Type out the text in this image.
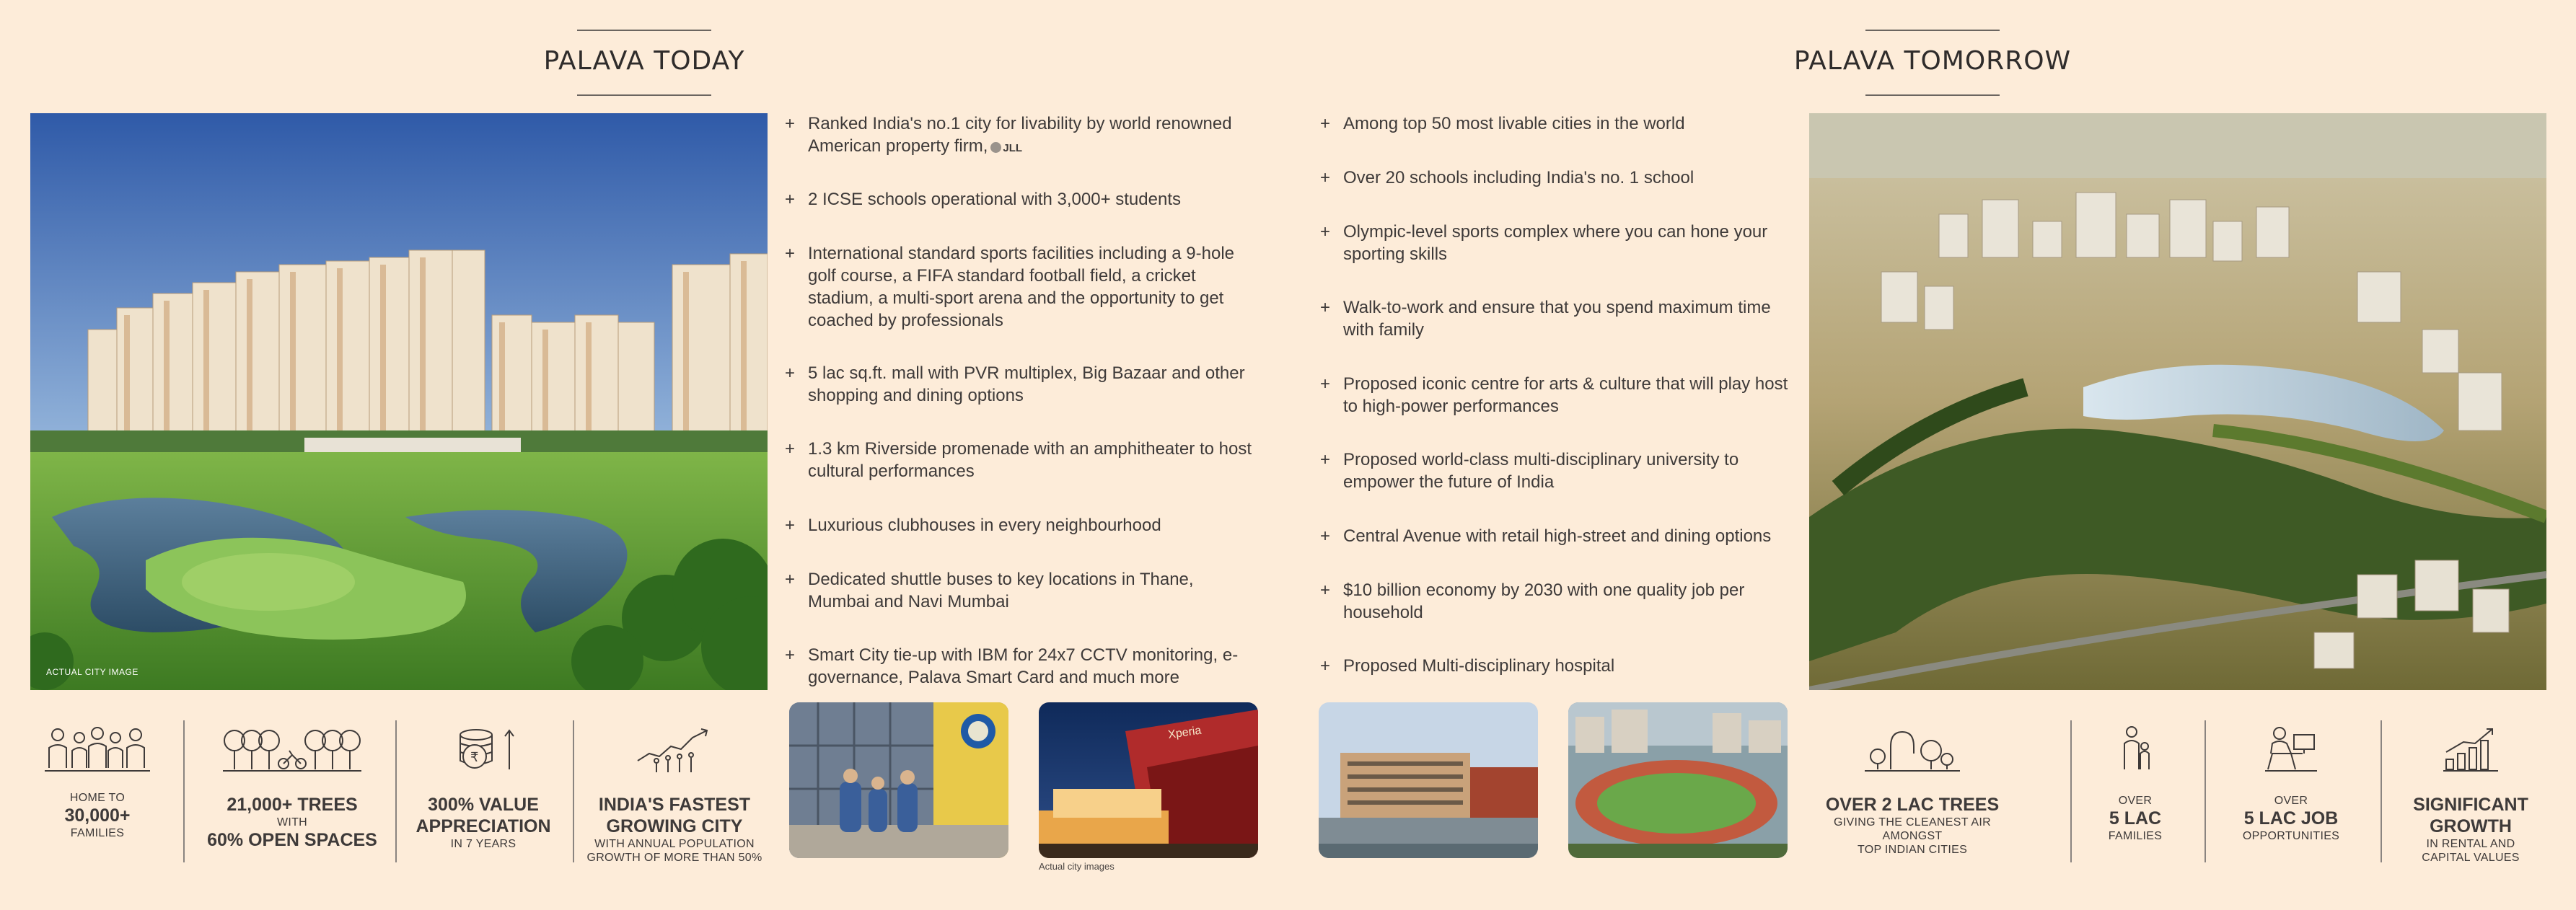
PALAVA TODAY
ACTUAL CITY IMAGE
+ Ranked India's no.1 city for livability by world renowned American property firm, JLL
+ 2 ICSE schools operational with 3,000+ students
+ International standard sports facilities including a 9-hole golf course, a FIFA standard football field, a cricket stadium, a multi-sport arena and the opportunity to get coached by professionals
+ 5 lac sq.ft. mall with PVR multiplex, Big Bazaar and other shopping and dining options
+ 1.3 km Riverside promenade with an amphitheater to host cultural performances
+ Luxurious clubhouses in every neighbourhood
+ Dedicated shuttle buses to key locations in Thane, Mumbai and Navi Mumbai
+ Smart City tie-up with IBM for 24x7 CCTV monitoring, e-governance, Palava Smart Card and much more
HOME TO
30,000+
FAMILIES
21,000+ TREES
WITH
60% OPEN SPACES
₹
300% VALUE
APPRECIATION
IN 7 YEARS
INDIA'S FASTEST
GROWING CITY
WITH ANNUAL POPULATION
GROWTH OF MORE THAN 50%
Xperia
Actual city images
PALAVA TOMORROW
+ Among top 50 most livable cities in the world
+ Over 20 schools including India's no. 1 school
+ Olympic-level sports complex where you can hone your sporting skills
+ Walk-to-work and ensure that you spend maximum time with family
+ Proposed iconic centre for arts & culture that will play host to high-power performances
+ Proposed world-class multi-disciplinary university to empower the future of India
+ Central Avenue with retail high-street and dining options
+ $10 billion economy by 2030 with one quality job per household
+ Proposed Multi-disciplinary hospital
OVER 2 LAC TREES
GIVING THE CLEANEST AIR AMONGST
TOP INDIAN CITIES
OVER
5 LAC
FAMILIES
OVER
5 LAC JOB
OPPORTUNITIES
SIGNIFICANT
GROWTH
IN RENTAL AND
CAPITAL VALUES
